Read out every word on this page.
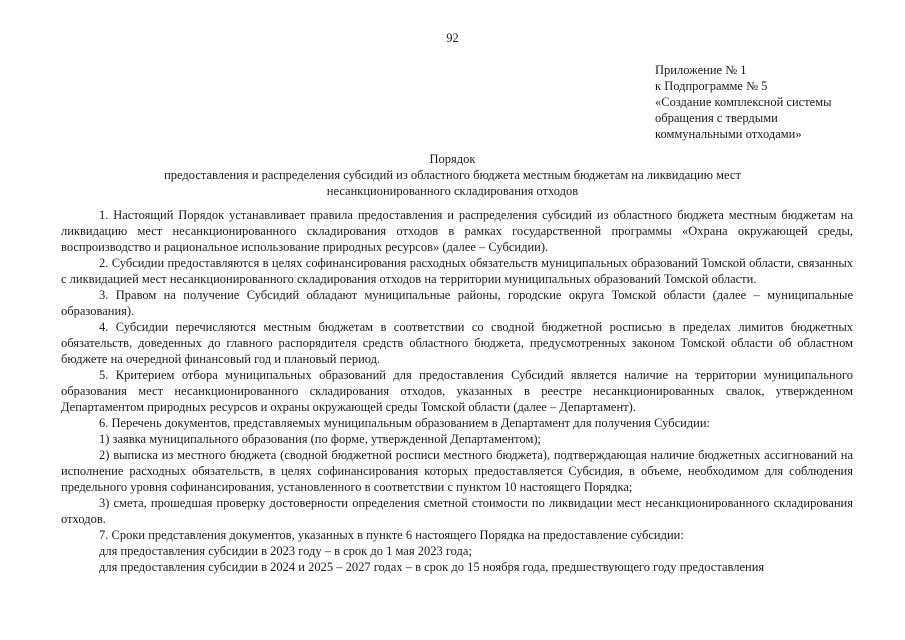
92
Приложение № 1
к Подпрограмме № 5
«Создание комплексной системы
обращения с твердыми
коммунальными отходами»
Порядок
предоставления и распределения субсидий из областного бюджета местным бюджетам на ликвидацию мест
несанкционированного складирования отходов

1. Настоящий Порядок устанавливает правила предоставления и распределения субсидий из областного бюджета местным бюджетам на ликвидацию мест несанкционированного складирования отходов в рамках государственной программы «Охрана окружающей среды, воспроизводство и рациональное использование природных ресурсов» (далее – Субсидии).

2. Субсидии предоставляются в целях софинансирования расходных обязательств муниципальных образований Томской области, связанных с ликвидацией мест несанкционированного складирования отходов на территории муниципальных образований Томской области.

3. Правом на получение Субсидий обладают муниципальные районы, городские округа Томской области (далее – муниципальные образования).

4. Субсидии перечисляются местным бюджетам в соответствии со сводной бюджетной росписью в пределах лимитов бюджетных обязательств, доведенных до главного распорядителя средств областного бюджета, предусмотренных законом Томской области об областном бюджете на очередной финансовый год и плановый период.

5. Критерием отбора муниципальных образований для предоставления Субсидий является наличие на территории муниципального образования мест несанкционированного складирования отходов, указанных в реестре несанкционированных свалок, утвержденном Департаментом природных ресурсов и охраны окружающей среды Томской области (далее – Департамент).

6. Перечень документов, представляемых муниципальным образованием в Департамент для получения Субсидии:

1) заявка муниципального образования (по форме, утвержденной Департаментом);

2) выписка из местного бюджета (сводной бюджетной росписи местного бюджета), подтверждающая наличие бюджетных ассигнований на исполнение расходных обязательств, в целях софинансирования которых предоставляется Субсидия, в объеме, необходимом для соблюдения предельного уровня софинансирования, установленного в соответствии с пунктом 10 настоящего Порядка;

3) смета, прошедшая проверку достоверности определения сметной стоимости по ликвидации мест несанкционированного складирования отходов.

7. Сроки представления документов, указанных в пункте 6 настоящего Порядка на предоставление субсидии:

для предоставления субсидии в 2023 году – в срок до 1 мая 2023 года;

для предоставления субсидии в 2024 и 2025 – 2027 годах – в срок до 15 ноября года, предшествующего году предоставления
